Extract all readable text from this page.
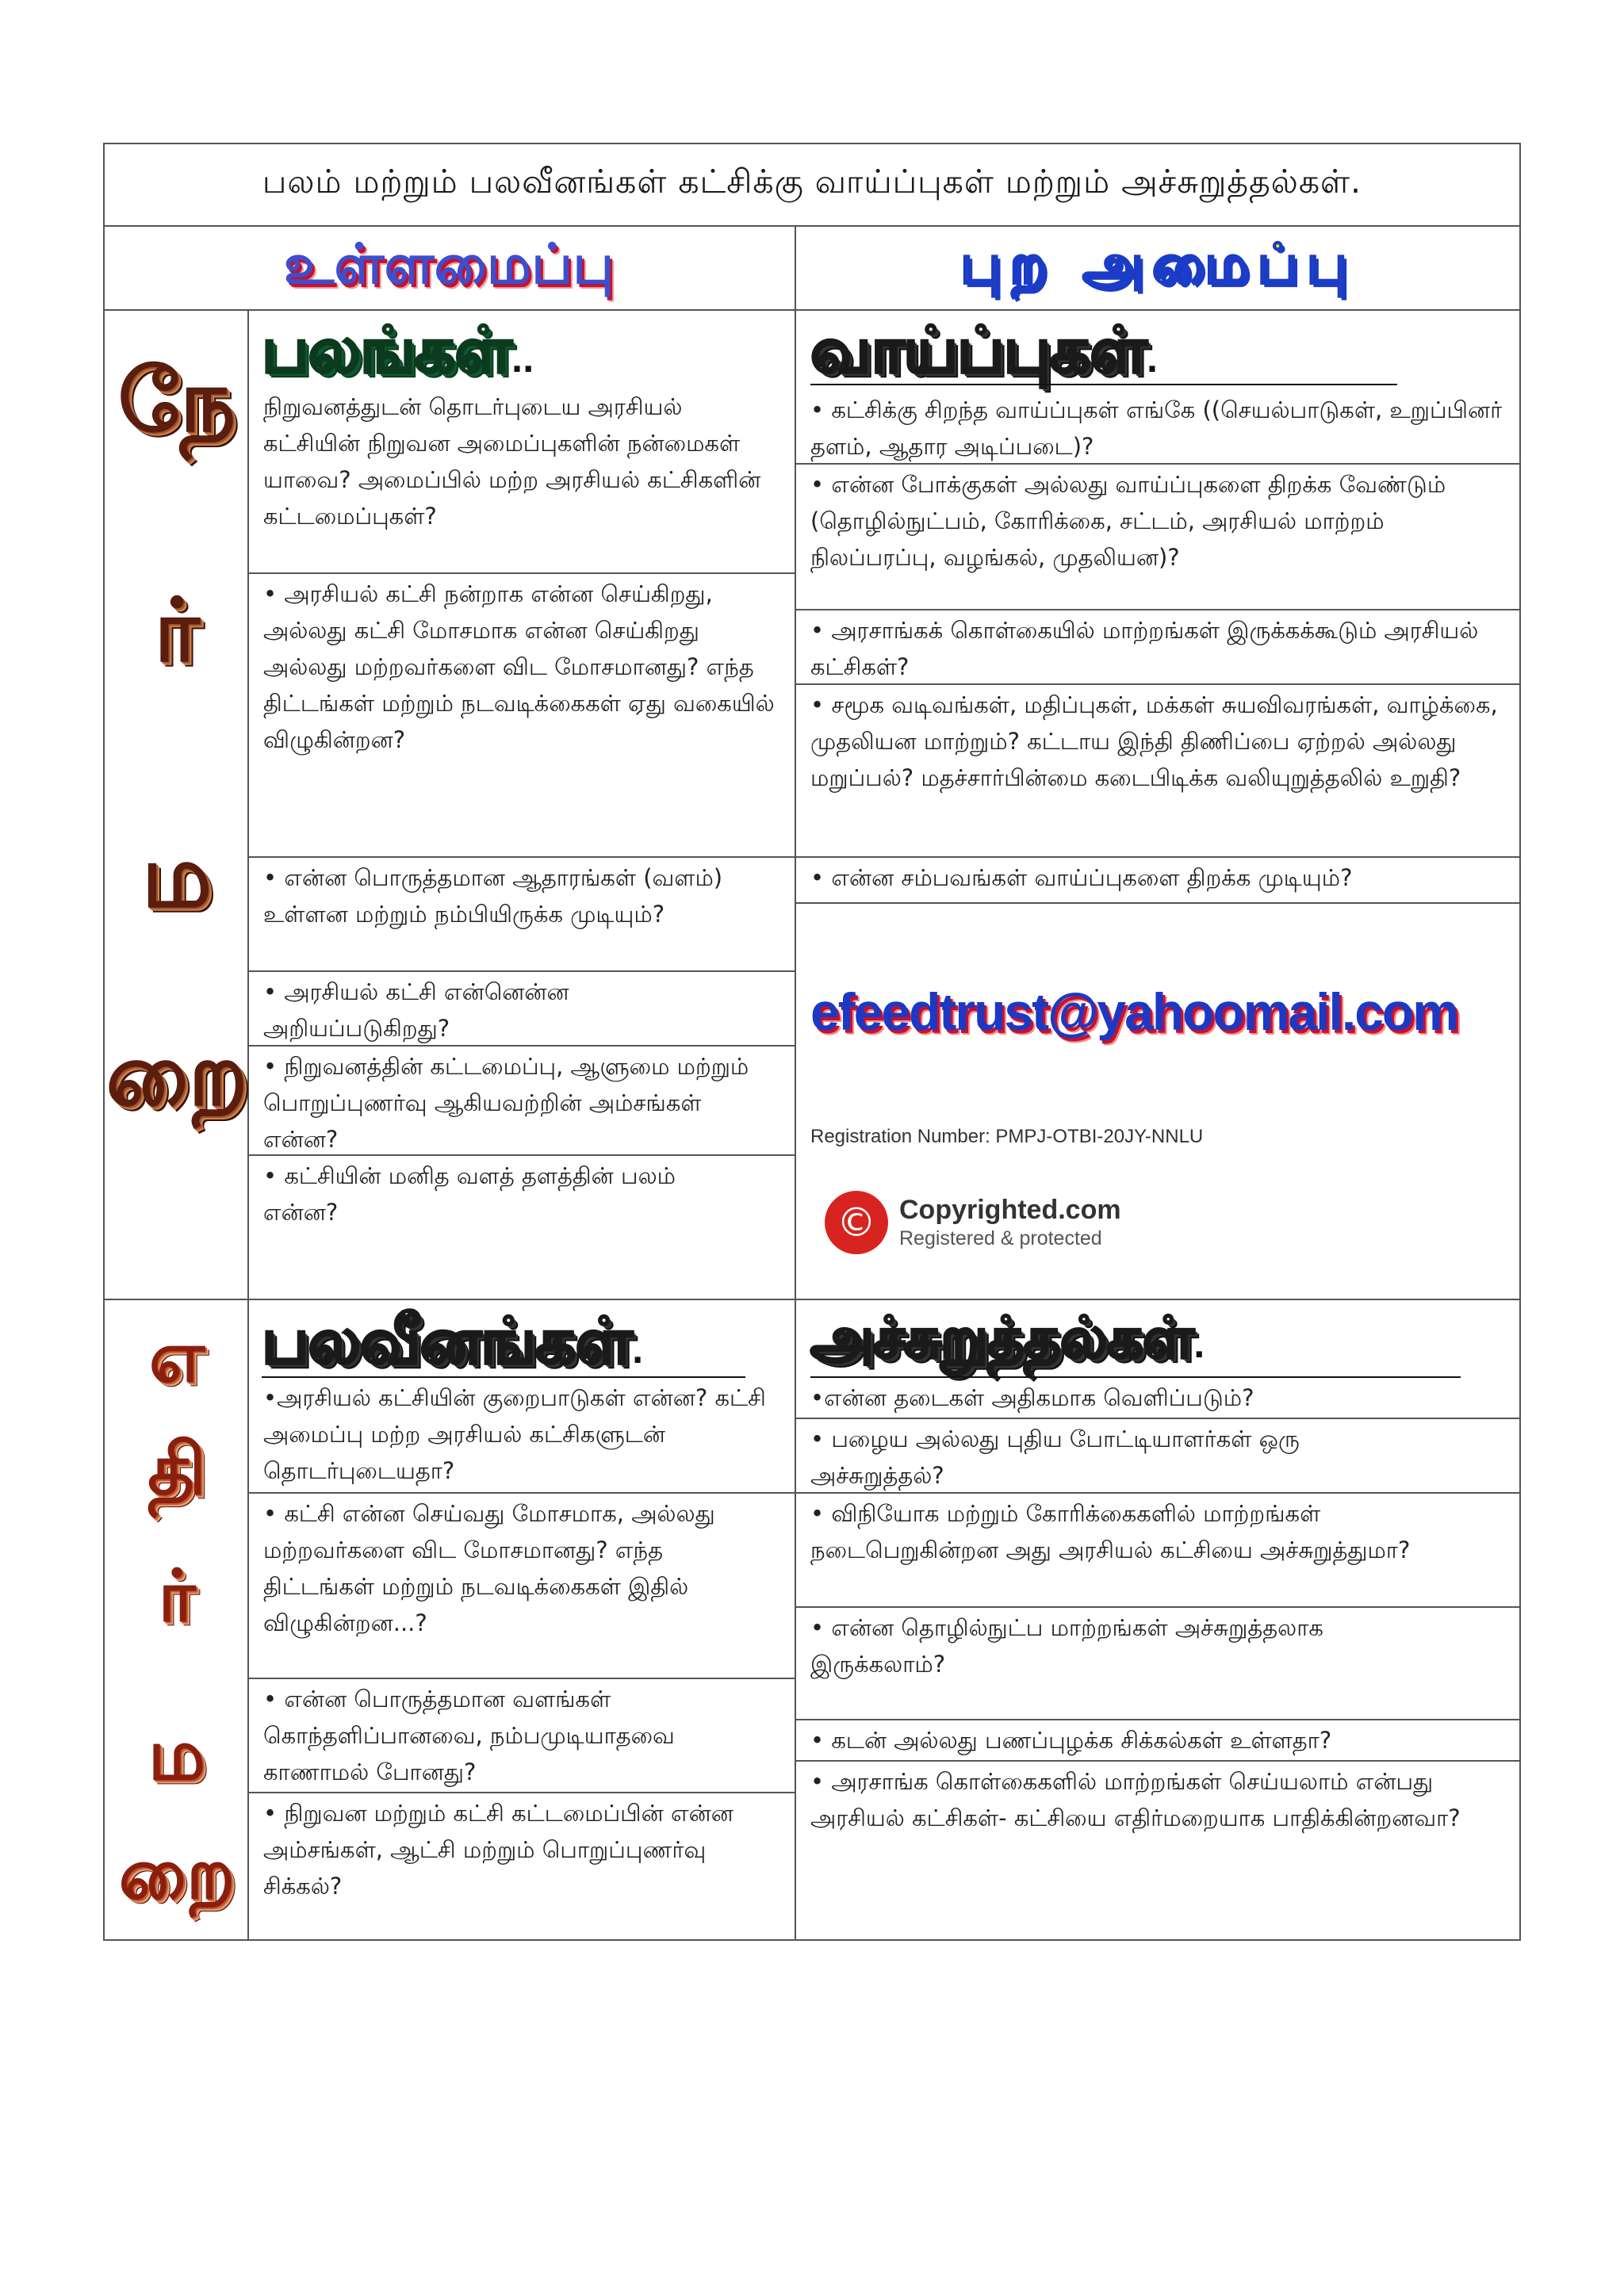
பலம் மற்றும் பலவீனங்கள் கட்சிக்கு வாய்ப்புகள் மற்றும் அச்சுறுத்தல்கள்.
உள்ளமைப்பு	புற அமைப்பு
நே
ர்
ம
றை
எ
தி
ர்
ம
றை
பலங்கள்..
நிறுவனத்துடன் தொடர்புடைய அரசியல் கட்சியின் நிறுவன அமைப்புகளின் நன்மைகள் யாவை? அமைப்பில் மற்ற அரசியல் கட்சிகளின் கட்டமைப்புகள்?
• அரசியல் கட்சி நன்றாக என்ன செய்கிறது, அல்லது கட்சி மோசமாக என்ன செய்கிறது அல்லது மற்றவர்களை விட மோசமானது? எந்த திட்டங்கள் மற்றும் நடவடிக்கைகள் ஏது வகையில் விழுகின்றன?
• என்ன பொருத்தமான ஆதாரங்கள் (வளம்) உள்ளன மற்றும் நம்பியிருக்க முடியும்?
• அரசியல் கட்சி என்னென்ன அறியப்படுகிறது?
• நிறுவனத்தின் கட்டமைப்பு, ஆளுமை மற்றும் பொறுப்புணர்வு ஆகியவற்றின் அம்சங்கள் என்ன?
• கட்சியின் மனித வளத் தளத்தின் பலம் என்ன?
வாய்ப்புகள்.
• கட்சிக்கு சிறந்த வாய்ப்புகள் எங்கே ((செயல்பாடுகள், உறுப்பினர் தளம், ஆதார அடிப்படை)?
• என்ன போக்குகள் அல்லது வாய்ப்புகளை திறக்க வேண்டும் (தொழில்நுட்பம், கோரிக்கை, சட்டம், அரசியல் மாற்றம் நிலப்பரப்பு, வழங்கல், முதலியன)?
• அரசாங்கக் கொள்கையில் மாற்றங்கள் இருக்கக்கூடும் அரசியல் கட்சிகள்?
• சமூக வடிவங்கள், மதிப்புகள், மக்கள் சுயவிவரங்கள், வாழ்க்கை, முதலியன மாற்றும்? கட்டாய இந்தி திணிப்பை ஏற்றல் அல்லது மறுப்பல்? மதச்சார்பின்மை கடைபிடிக்க வலியுறுத்தலில் உறுதி?
• என்ன சம்பவங்கள் வாய்ப்புகளை திறக்க முடியும்?
efeedtrust@yahoomail.com
Registration Number: PMPJ-OTBI-20JY-NNLU
© Copyrighted.com
Registered & protected
பலவீனங்கள்.
•அரசியல் கட்சியின் குறைபாடுகள் என்ன? கட்சி அமைப்பு மற்ற அரசியல் கட்சிகளுடன் தொடர்புடையதா?
• கட்சி என்ன செய்வது மோசமாக, அல்லது மற்றவர்களை விட மோசமானது? எந்த திட்டங்கள் மற்றும் நடவடிக்கைகள் இதில் விழுகின்றன...?
• என்ன பொருத்தமான வளங்கள் கொந்தளிப்பானவை, நம்பமுடியாதவை காணாமல் போனது?
• நிறுவன மற்றும் கட்சி கட்டமைப்பின் என்ன அம்சங்கள், ஆட்சி மற்றும் பொறுப்புணர்வு சிக்கல்?
அச்சுறுத்தல்கள்.
•என்ன தடைகள் அதிகமாக வெளிப்படும்?
• பழைய அல்லது புதிய போட்டியாளர்கள் ஒரு அச்சுறுத்தல்?
• விநியோக மற்றும் கோரிக்கைகளில் மாற்றங்கள் நடைபெறுகின்றன அது அரசியல் கட்சியை அச்சுறுத்துமா?
• என்ன தொழில்நுட்ப மாற்றங்கள் அச்சுறுத்தலாக இருக்கலாம்?
• கடன் அல்லது பணப்புழக்க சிக்கல்கள் உள்ளதா?
• அரசாங்க கொள்கைகளில் மாற்றங்கள் செய்யலாம் என்பது அரசியல் கட்சிகள்- கட்சியை எதிர்மறையாக பாதிக்கின்றனவா?
